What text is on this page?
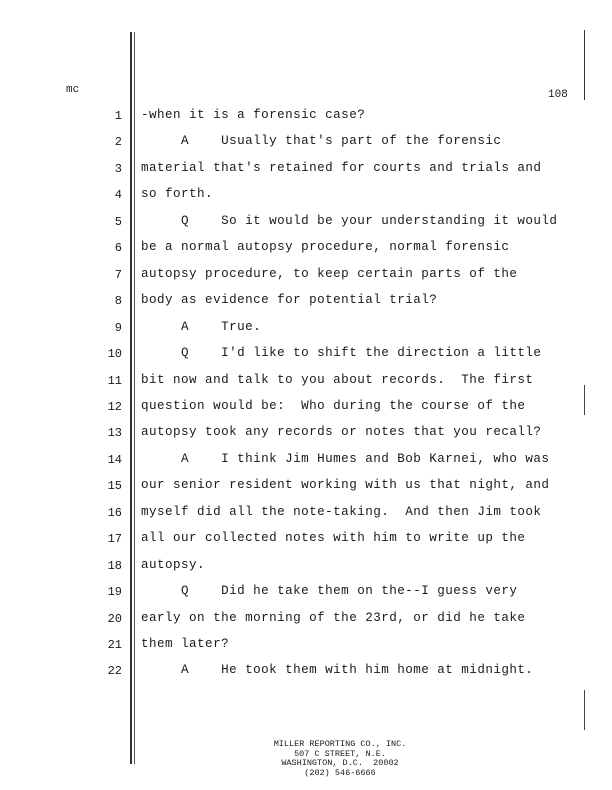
mc	108
1 -when it is a forensic case?
2 A    Usually that's part of the forensic
3 material that's retained for courts and trials and
4 so forth.
5 Q    So it would be your understanding it would
6 be a normal autopsy procedure, normal forensic
7 autopsy procedure, to keep certain parts of the
8 body as evidence for potential trial?
9 A    True.
10 Q    I'd like to shift the direction a little
11 bit now and talk to you about records.  The first
12 question would be:  Who during the course of the
13 autopsy took any records or notes that you recall?
14 A    I think Jim Humes and Bob Karnei, who was
15 our senior resident working with us that night, and
16 myself did all the note-taking.  And then Jim took
17 all our collected notes with him to write up the
18 autopsy.
19 Q    Did he take them on the--I guess very
20 early on the morning of the 23rd, or did he take
21 them later?
22 A    He took them with him home at midnight.
MILLER REPORTING CO., INC.
507 C STREET, N.E.
WASHINGTON, D.C.  20002
(202) 546-6666
